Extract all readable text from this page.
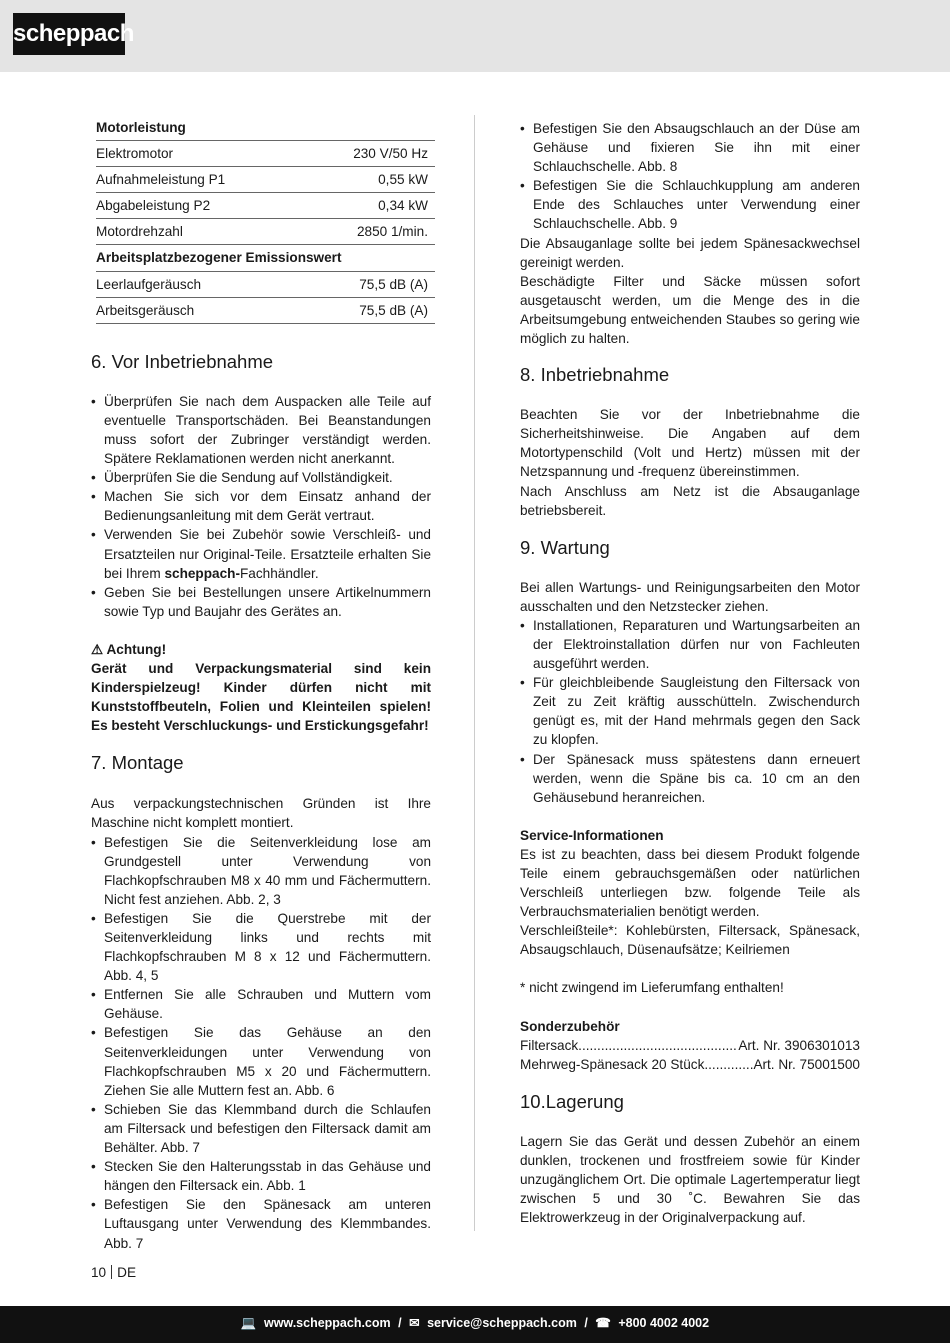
scheppach
Motorleistung	
Elektromotor	230 V/50 Hz
Aufnahmeleistung P1	0,55 kW
Abgabeleistung P2	0,34 kW
Motordrehzahl	2850 1/min.
Arbeitsplatzbezogener Emissionswert	
Leerlaufgeräusch	75,5 dB (A)
Arbeitsgeräusch	75,5 dB (A)
6. Vor Inbetriebnahme
• Überprüfen Sie nach dem Auspacken alle Teile auf eventuelle Transportschäden. Bei Beanstandungen muss sofort der Zubringer verständigt werden. Spätere Reklamationen werden nicht anerkannt.
• Überprüfen Sie die Sendung auf Vollständigkeit.
• Machen Sie sich vor dem Einsatz anhand der Bedienungsanleitung mit dem Gerät vertraut.
• Verwenden Sie bei Zubehör sowie Verschleiß- und Ersatzteilen nur Original-Teile. Ersatzteile erhalten Sie bei Ihrem scheppach-Fachhändler.
• Geben Sie bei Bestellungen unsere Artikelnummern sowie Typ und Baujahr des Gerätes an.
⚠ Achtung!

Gerät und Verpackungsmaterial sind kein Kinderspielzeug! Kinder dürfen nicht mit Kunststoffbeuteln, Folien und Kleinteilen spielen! Es besteht Verschluckungs- und Erstickungsgefahr!

7. Montage

Aus verpackungstechnischen Gründen ist Ihre Maschine nicht komplett montiert.

• Befestigen Sie die Seitenverkleidung lose am Grundgestell unter Verwendung von Flachkopfschrauben M8 x 40 mm und Fächermuttern. Nicht fest anziehen. Abb. 2, 3
• Befestigen Sie die Querstrebe mit der Seitenverkleidung links und rechts mit Flachkopfschrauben M 8 x 12 und Fächermuttern. Abb. 4, 5
• Entfernen Sie alle Schrauben und Muttern vom Gehäuse.
• Befestigen Sie das Gehäuse an den Seitenverkleidungen unter Verwendung von Flachkopfschrauben M5 x 20 und Fächermuttern. Ziehen Sie alle Muttern fest an. Abb. 6
• Schieben Sie das Klemmband durch die Schlaufen am Filtersack und befestigen den Filtersack damit am Behälter. Abb. 7
• Stecken Sie den Halterungsstab in das Gehäuse und hängen den Filtersack ein. Abb. 1
• Befestigen Sie den Spänesack am unteren Luftausgang unter Verwendung des Klemmbandes. Abb. 7
• Befestigen Sie den Absaugschlauch an der Düse am Gehäuse und fixieren Sie ihn mit einer Schlauchschelle. Abb. 8
• Befestigen Sie die Schlauchkupplung am anderen Ende des Schlauches unter Verwendung einer Schlauchschelle. Abb. 9

Die Absauganlage sollte bei jedem Spänesackwechsel gereinigt werden.

Beschädigte Filter und Säcke müssen sofort ausgetauscht werden, um die Menge des in die Arbeitsumgebung entweichenden Staubes so gering wie möglich zu halten.

8. Inbetriebnahme

Beachten Sie vor der Inbetriebnahme die Sicherheitshinweise. Die Angaben auf dem Motortypenschild (Volt und Hertz) müssen mit der Netzspannung und -frequenz übereinstimmen.

Nach Anschluss am Netz ist die Absauganlage betriebsbereit.

9. Wartung

Bei allen Wartungs- und Reinigungsarbeiten den Motor ausschalten und den Netzstecker ziehen.

• Installationen, Reparaturen und Wartungsarbeiten an der Elektroinstallation dürfen nur von Fachleuten ausgeführt werden.
• Für gleichbleibende Saugleistung den Filtersack von Zeit zu Zeit kräftig ausschütteln. Zwischendurch genügt es, mit der Hand mehrmals gegen den Sack zu klopfen.
• Der Spänesack muss spätestens dann erneuert werden, wenn die Späne bis ca. 10 cm an den Gehäusebund heranreichen.
Service-Informationen

Es ist zu beachten, dass bei diesem Produkt folgende Teile einem gebrauchsgemäßen oder natürlichen Verschleiß unterliegen bzw. folgende Teile als Verbrauchsmaterialien benötigt werden.

Verschleißteile*: Kohlebürsten, Filtersack, Spänesack, Absaugschlauch, Düsenaufsätze; Keilriemen

* nicht zwingend im Lieferumfang enthalten!

Sonderzubehör
Filtersack .....	Art. Nr. 3906301013
Mehrweg-Spänesack 20 Stück .....	Art. Nr. 75001500
10.Lagerung

Lagern Sie das Gerät und dessen Zubehör an einem dunklen, trockenen und frostfreiem sowie für Kinder unzugänglichem Ort. Die optimale Lagertemperatur liegt zwischen 5 und 30 ˚C. Bewahren Sie das Elektrowerkzeug in der Originalverpackung auf.

10 DE
💻 www.scheppach.com / ✉ service@scheppach.com / ☎ +800 4002 4002
